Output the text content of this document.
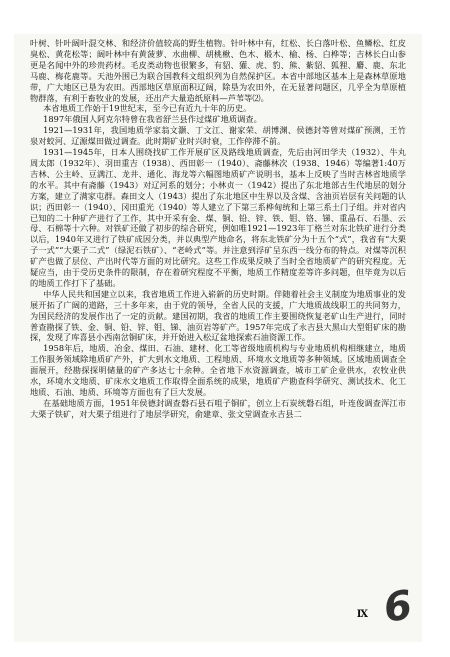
叶树、针叶阔叶混交林、和经济价值较高的野生植物。针叶林中有，红松、长白落叶松、鱼鳞松、红皮臭松、黄花松等；阔叶林中有黄菠萝、水曲柳、胡桃楸、色木、椴木、榆、杨、白桦等；吉林长白山参更是名闻中外的珍贵药材。毛皮类动物也很繁多，有貂、獾、虎、豹、熊、紫貂、狐狸、麝、鹿、东北马鹿、梅花鹿等。天池外围已为联合国教科文组织列为自然保护区。本省中部地区基本上是森林草原地带，广大地区已垦为农田。西部地区草原面积辽阔，除垦为农田外，在无显著问题区，几乎全为草原植物群落，有利于畜牧业的发展，还出产大量造纸原料—芦苇等⑵。

本省地质工作始于19世纪末，至今已有近九十年的历史。

1897年俄国人阿克尔特曾在我省舒兰县作过煤矿地质调查。

1921—1931年，我国地质学家翁文灏、丁文江、谢家荣、胡博渊、侯德封等曾对煤矿预测，王竹泉对蛟河、辽源煤田做过调查。此时期矿业时兴时衰，工作停滞不前。

1931—1945年，日本人围绕找矿工作开展矿区及路线地质调查，先后由河田学夫（1932）、牛丸周太郎（1932年）、羽田重吉（1938）、西田彰一（1940）、斋藤林次（1938、1946）等编著1:40万吉林、公主岭、豆满江、龙井、通化、海龙等六幅图地质矿产说明书，基本上反映了当时吉林省地质学的水平。其中有斋藤（1943）对辽河系的划分；小林贞一（1942）提出了东北地部古生代地层的划分方案，建立了满家屯群。森田文人（1943）提出了东北地区中生界以及含煤、含油页岩层有关问题的认识；西田彰一（1940）、冈田重光（1940）等人建立了下第三系桦甸统和上第三系土门子组。并对省内已知的二十种矿产进行了工作，其中开采有金、煤、铜、铅、锌、铁、钼、铬、锑、重晶石、石墨、云母、石棉等十六种。对铁矿还做了初步的综合研究，例如唯1921—1923年丁格兰对东北铁矿进行分类以后，1940年又进行了铁矿成因分类，并以典型产地命名，将东北铁矿分为十五个“式”，我省有“大栗子一式”“大栗子二式”（绿泥石铁矿）、“老岭式”等。并注意到浮矿呈东西一线分布的特点。对煤等沉积矿产也做了层位、产出时代等方面的对比研究。这些工作成果反映了当时全省地质矿产的研究程度。无疑应当，由于受历史条件的限制，存在着研究程度不平衡，地质工作精度差等许多问题，但毕竟为以后的地质工作打下了基础。

中华人民共和国建立以来，我省地质工作进入崭新的历史时期。伴随着社会主义制度为地质事业的发展开拓了广阔的道路，三十多年来，由于党的领导，全省人民的支援，广大地质战线职工的共同努力，为国民经济的发展作出了一定的贡献。建国初期，我省的地质工作主要围绕恢复老矿山生产进行，同时普查勘探了铁、金、铜、铅、锌、钼、锑、油页岩等矿产。1957年完成了永吉县大黑山大型钼矿床的勘探，发现了库喜县小西南岔铜矿床，并开始进入松辽盆地探索石油资源工作。

1958年后，地质、冶金、煤田、石油、建材、化工等省级地质机构与专业地质机构相继建立，地质工作服务领域除地质矿产外，扩大到水文地质、工程地质、环境水文地质等多种领域。区域地质调查全面展开，经勘探探明储量的矿产多达七十余种。全省地下水资源调查，城市工矿企业供水，农牧业供水，环境水文地质、矿床水文地质工作取得全面系统的成果，地质矿产勘查科学研究、测试技术、化工地质、石油、地质、环境等方面也有了巨大发展。

在基础地质方面，1951年侯德封调查磐石县石咀子铜矿，创立上石炭统磐石组，叶连俊调查浑江市大栗子铁矿，对大栗子组进行了地层学研究，俞建章、张文堂调查永吉县二

Ⅸ 6
